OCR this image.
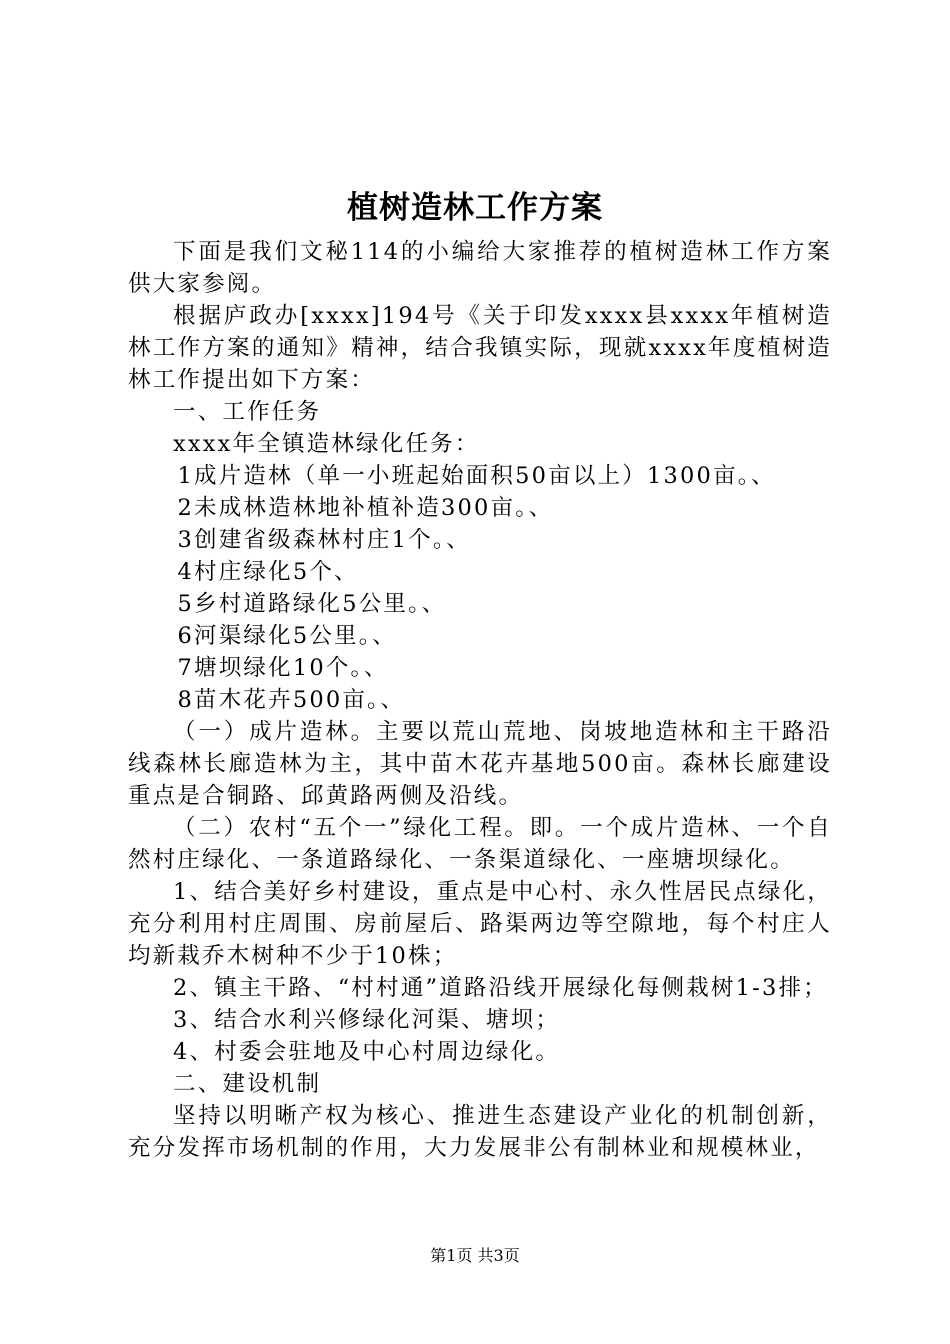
植树造林工作方案

下面是我们文秘114的小编给大家推荐的植树造林工作方案供大家参阅。

根据庐政办[xxxx]194号《关于印发xxxx县xxxx年植树造林工作方案的通知》精神，结合我镇实际，现就xxxx年度植树造林工作提出如下方案：

一、工作任务

xxxx年全镇造林绿化任务：

1成片造林（单一小班起始面积50亩以上）1300亩。、

2未成林造林地补植补造300亩。、

3创建省级森林村庄1个。、

4村庄绿化5个、

5乡村道路绿化5公里。、

6河渠绿化5公里。、

7塘坝绿化10个。、

8苗木花卉500亩。、

（一）成片造林。主要以荒山荒地、岗坡地造林和主干路沿线森林长廊造林为主，其中苗木花卉基地500亩。森林长廊建设重点是合铜路、邱黄路两侧及沿线。

（二）农村“五个一”绿化工程。即。一个成片造林、一个自然村庄绿化、一条道路绿化、一条渠道绿化、一座塘坝绿化。

1、结合美好乡村建设，重点是中心村、永久性居民点绿化，充分利用村庄周围、房前屋后、路渠两边等空隙地，每个村庄人均新栽乔木树种不少于10株；

2、镇主干路、“村村通”道路沿线开展绿化每侧栽树1-3排；

3、结合水利兴修绿化河渠、塘坝；

4、村委会驻地及中心村周边绿化。

二、建设机制

坚持以明晰产权为核心、推进生态建设产业化的机制创新，充分发挥市场机制的作用，大力发展非公有制林业和规模林业，

第1页 共3页
